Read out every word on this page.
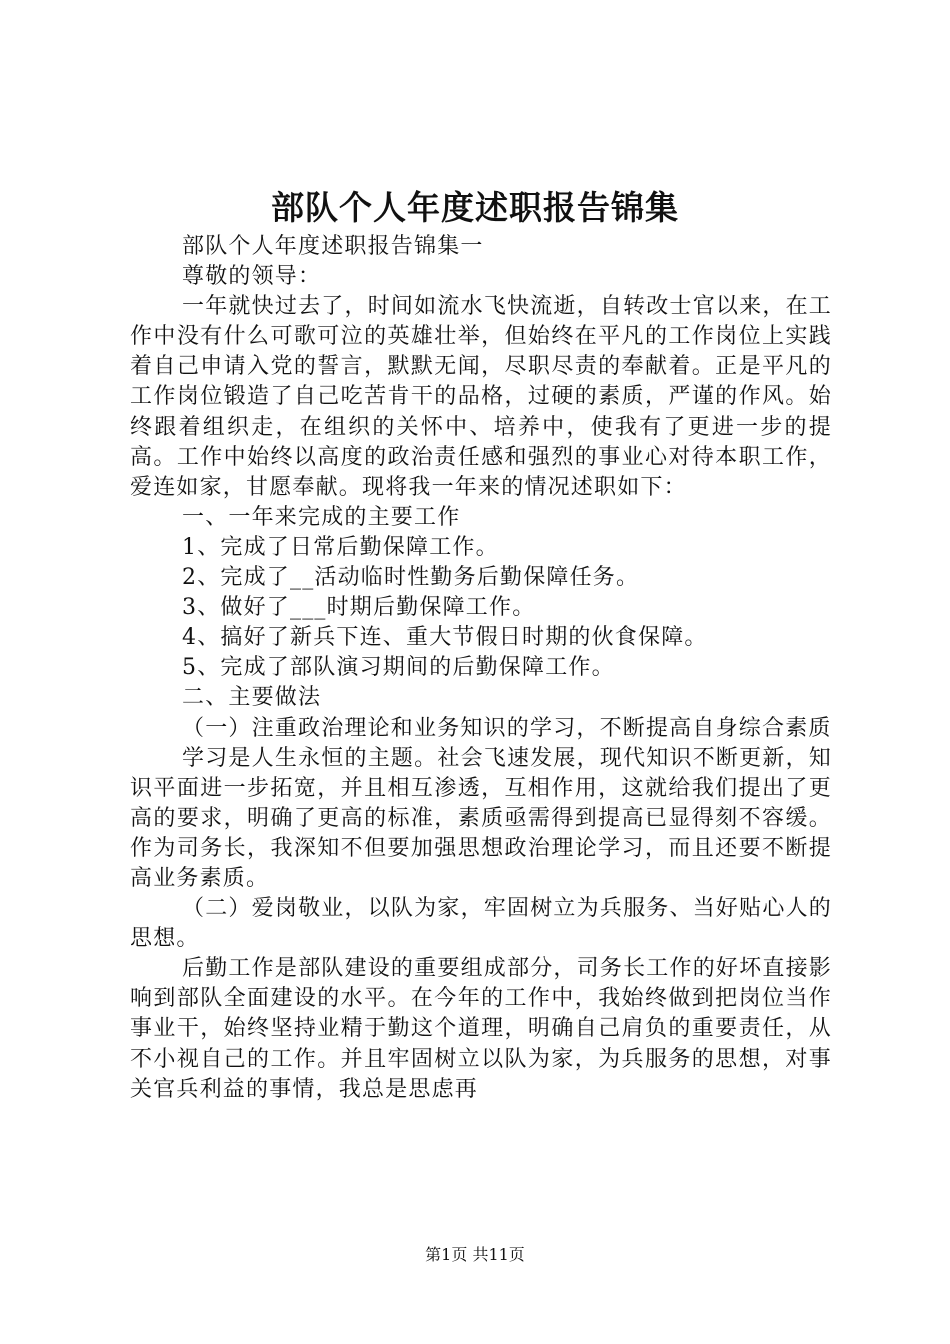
部队个人年度述职报告锦集

部队个人年度述职报告锦集一

尊敬的领导：

一年就快过去了，时间如流水飞快流逝，自转改士官以来，在工作中没有什么可歌可泣的英雄壮举，但始终在平凡的工作岗位上实践着自己申请入党的誓言，默默无闻，尽职尽责的奉献着。正是平凡的工作岗位锻造了自己吃苦肯干的品格，过硬的素质，严谨的作风。始终跟着组织走，在组织的关怀中、培养中，使我有了更进一步的提高。工作中始终以高度的政治责任感和强烈的事业心对待本职工作，爱连如家，甘愿奉献。现将我一年来的情况述职如下：

一、一年来完成的主要工作

1、完成了日常后勤保障工作。

2、完成了__活动临时性勤务后勤保障任务。

3、做好了___时期后勤保障工作。

4、搞好了新兵下连、重大节假日时期的伙食保障。

5、完成了部队演习期间的后勤保障工作。

二、主要做法

（一）注重政治理论和业务知识的学习，不断提高自身综合素质

学习是人生永恒的主题。社会飞速发展，现代知识不断更新，知识平面进一步拓宽，并且相互渗透，互相作用，这就给我们提出了更高的要求，明确了更高的标准，素质亟需得到提高已显得刻不容缓。作为司务长，我深知不但要加强思想政治理论学习，而且还要不断提高业务素质。

（二）爱岗敬业，以队为家，牢固树立为兵服务、当好贴心人的思想。

后勤工作是部队建设的重要组成部分，司务长工作的好坏直接影响到部队全面建设的水平。在今年的工作中，我始终做到把岗位当作事业干，始终坚持业精于勤这个道理，明确自己肩负的重要责任，从不小视自己的工作。并且牢固树立以队为家，为兵服务的思想，对事关官兵利益的事情，我总是思虑再

第1页 共11页
